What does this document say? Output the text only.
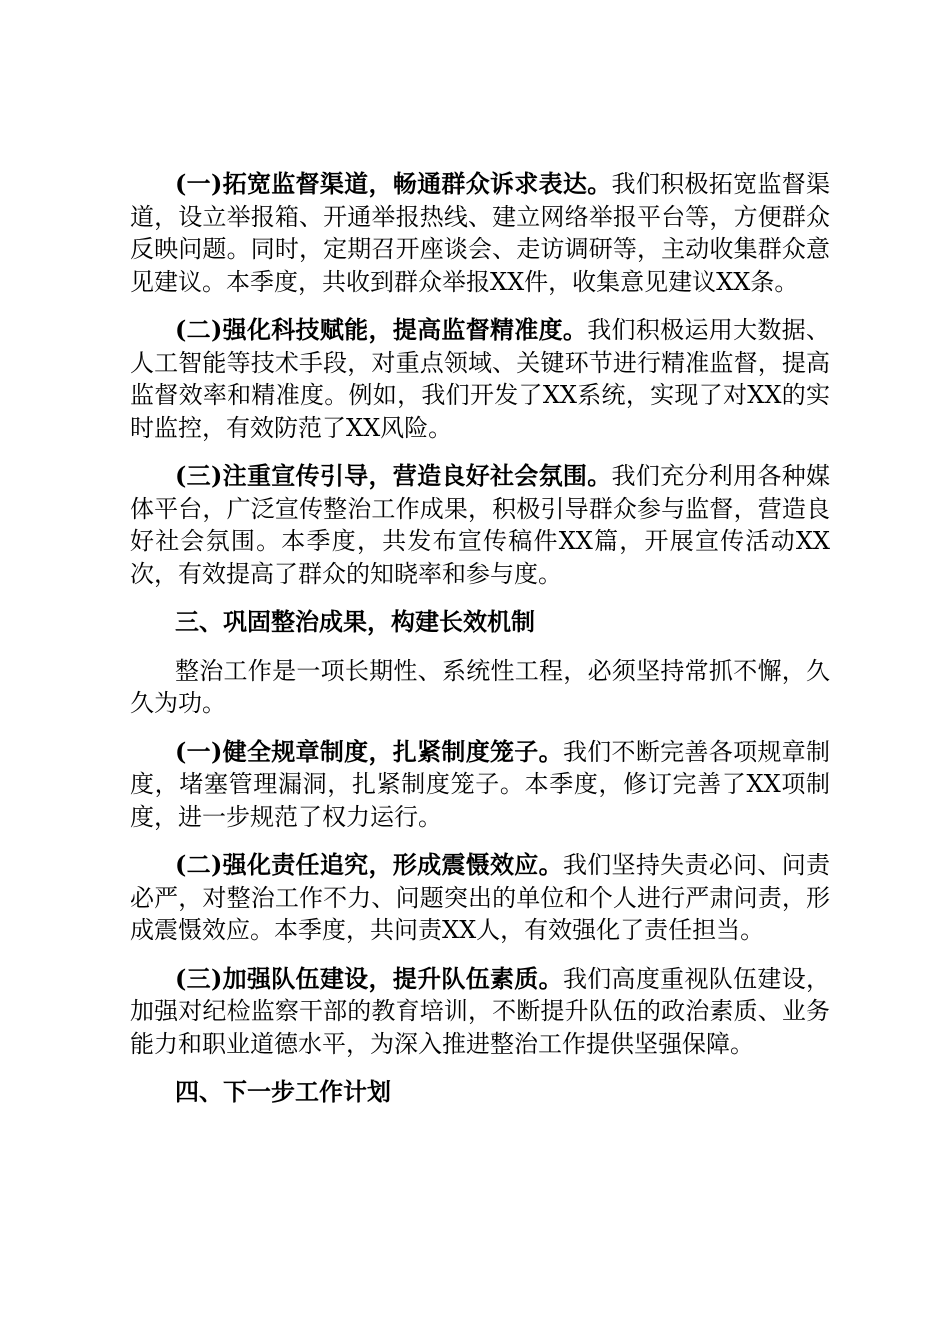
(一)拓宽监督渠道，畅通群众诉求表达。我们积极拓宽监督渠道，设立举报箱、开通举报热线、建立网络举报平台等，方便群众反映问题。同时，定期召开座谈会、走访调研等，主动收集群众意见建议。本季度，共收到群众举报XX件，收集意见建议XX条。

(二)强化科技赋能，提高监督精准度。我们积极运用大数据、人工智能等技术手段，对重点领域、关键环节进行精准监督，提高监督效率和精准度。例如，我们开发了XX系统，实现了对XX的实时监控，有效防范了XX风险。

(三)注重宣传引导，营造良好社会氛围。我们充分利用各种媒体平台，广泛宣传整治工作成果，积极引导群众参与监督，营造良好社会氛围。本季度，共发布宣传稿件XX篇，开展宣传活动XX次，有效提高了群众的知晓率和参与度。

三、巩固整治成果，构建长效机制

整治工作是一项长期性、系统性工程，必须坚持常抓不懈，久久为功。

(一)健全规章制度，扎紧制度笼子。我们不断完善各项规章制度，堵塞管理漏洞，扎紧制度笼子。本季度，修订完善了XX项制度，进一步规范了权力运行。

(二)强化责任追究，形成震慑效应。我们坚持失责必问、问责必严，对整治工作不力、问题突出的单位和个人进行严肃问责，形成震慑效应。本季度，共问责XX人，有效强化了责任担当。

(三)加强队伍建设，提升队伍素质。我们高度重视队伍建设，加强对纪检监察干部的教育培训，不断提升队伍的政治素质、业务能力和职业道德水平，为深入推进整治工作提供坚强保障。

四、下一步工作计划
